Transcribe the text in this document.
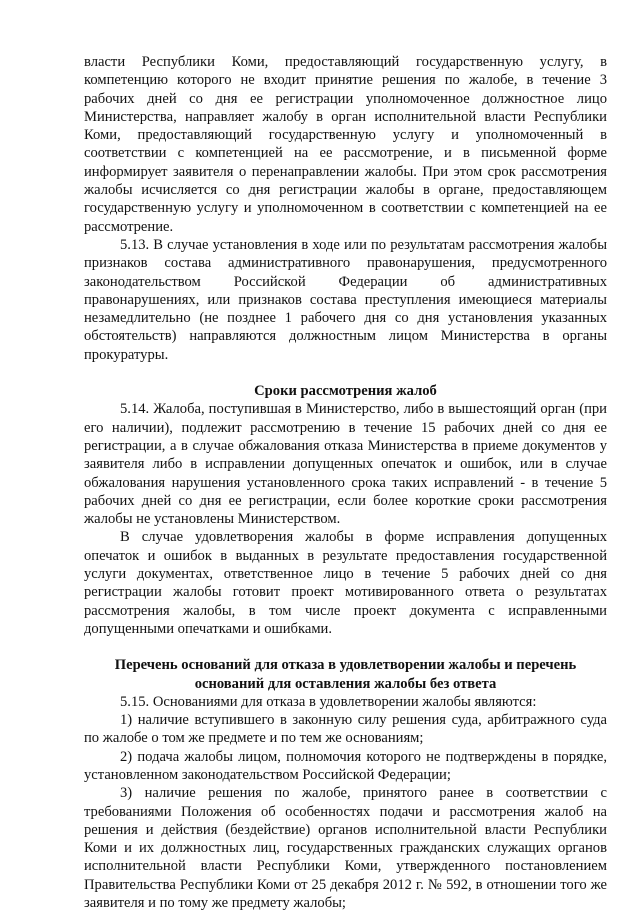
власти Республики Коми, предоставляющий государственную услугу, в компетенцию которого не входит принятие решения по жалобе, в течение 3 рабочих дней со дня ее регистрации уполномоченное должностное лицо Министерства, направляет жалобу в орган исполнительной власти Республики Коми, предоставляющий государственную услугу и уполномоченный в соответствии с компетенцией на ее рассмотрение, и в письменной форме информирует заявителя о перенаправлении жалобы. При этом срок рассмотрения жалобы исчисляется со дня регистрации жалобы в органе, предоставляющем государственную услугу и уполномоченном в соответствии с компетенцией на ее рассмотрение.

5.13. В случае установления в ходе или по результатам рассмотрения жалобы признаков состава административного правонарушения, предусмотренного законодательством Российской Федерации об административных правонарушениях, или признаков состава преступления имеющиеся материалы незамедлительно (не позднее 1 рабочего дня со дня установления указанных обстоятельств) направляются должностным лицом Министерства в органы прокуратуры.

Сроки рассмотрения жалоб

5.14. Жалоба, поступившая в Министерство, либо в вышестоящий орган (при его наличии), подлежит рассмотрению в течение 15 рабочих дней со дня ее регистрации, а в случае обжалования отказа Министерства в приеме документов у заявителя либо в исправлении допущенных опечаток и ошибок, или в случае обжалования нарушения установленного срока таких исправлений - в течение 5 рабочих дней со дня ее регистрации, если более короткие сроки рассмотрения жалобы не установлены Министерством.

В случае удовлетворения жалобы в форме исправления допущенных опечаток и ошибок в выданных в результате предоставления государственной услуги документах, ответственное лицо в течение 5 рабочих дней со дня регистрации жалобы готовит проект мотивированного ответа о результатах рассмотрения жалобы, в том числе проект документа с исправленными допущенными опечатками и ошибками.

Перечень оснований для отказа в удовлетворении жалобы и перечень
оснований для оставления жалобы без ответа

5.15. Основаниями для отказа в удовлетворении жалобы являются:

1) наличие вступившего в законную силу решения суда, арбитражного суда по жалобе о том же предмете и по тем же основаниям;

2) подача жалобы лицом, полномочия которого не подтверждены в порядке, установленном законодательством Российской Федерации;

3) наличие решения по жалобе, принятого ранее в соответствии с требованиями Положения об особенностях подачи и рассмотрения жалоб на решения и действия (бездействие) органов исполнительной власти Республики Коми и их должностных лиц, государственных гражданских служащих органов исполнительной власти Республики Коми, утвержденного постановлением Правительства Республики Коми от 25 декабря 2012 г. № 592, в отношении того же заявителя и по тому же предмету жалобы;
